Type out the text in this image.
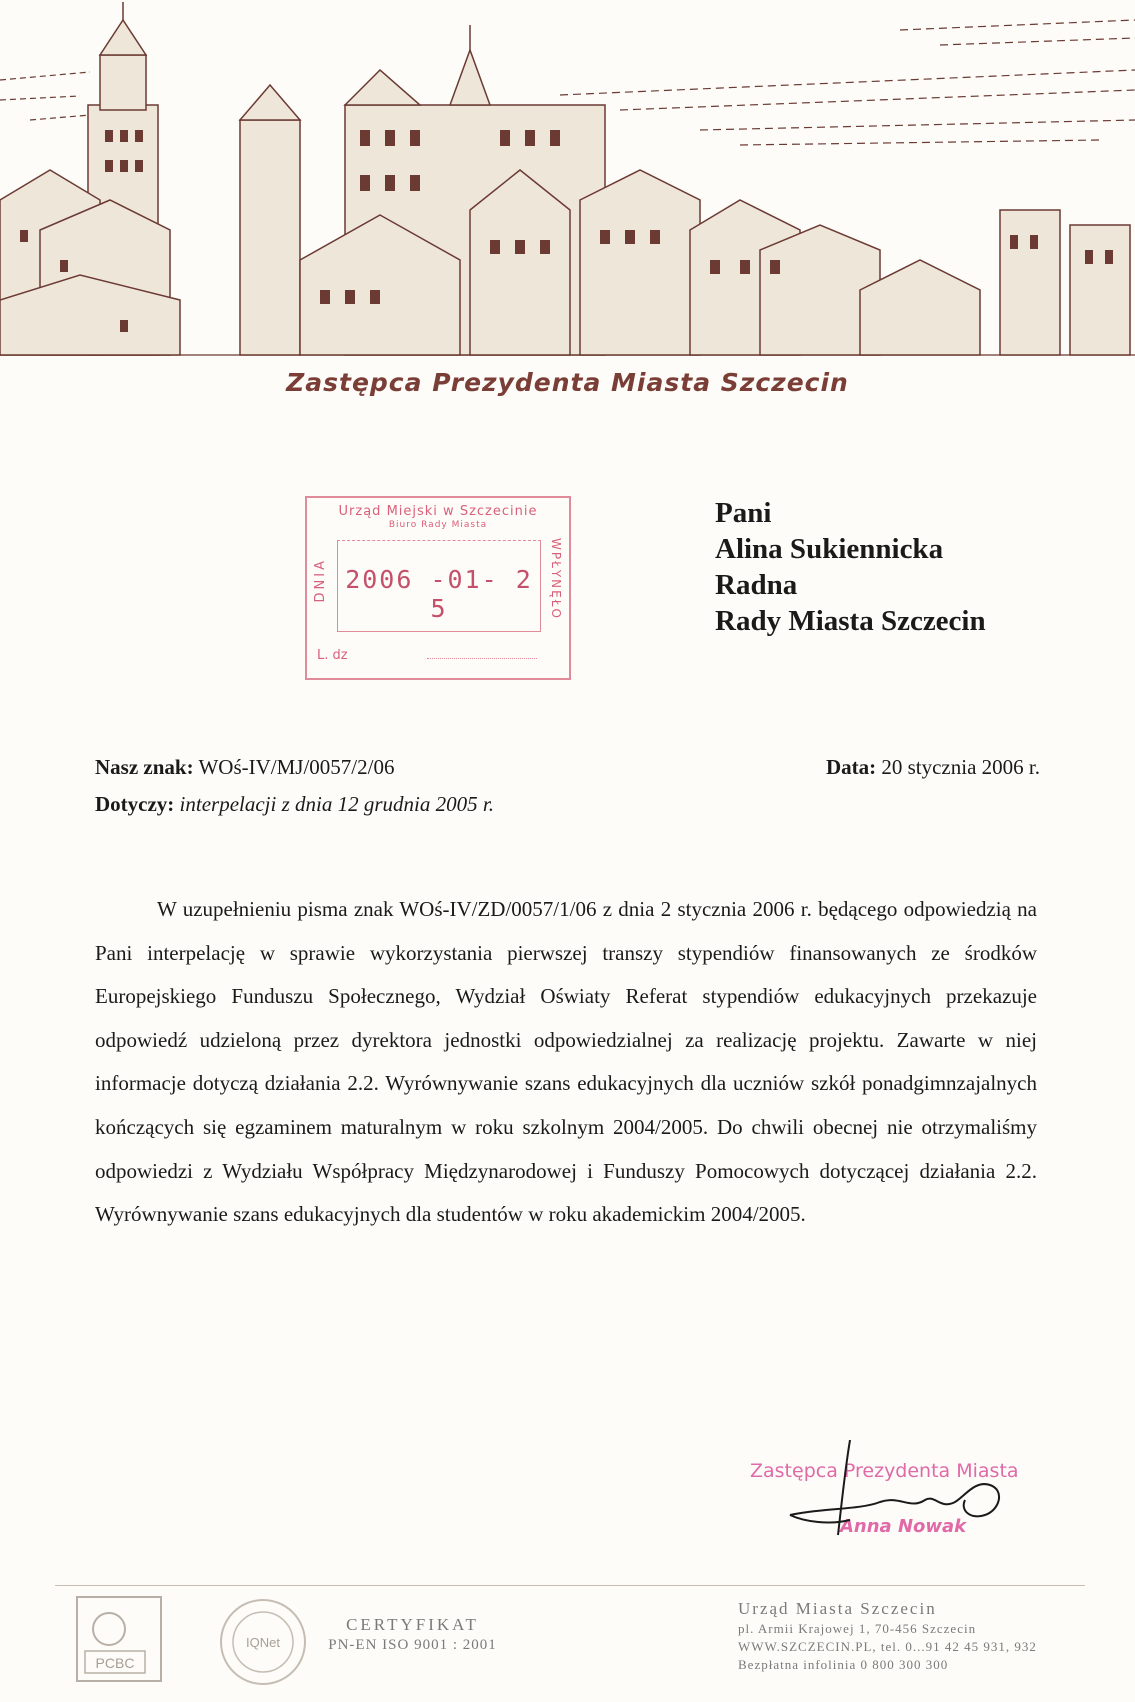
Zastępca Prezydenta Miasta Szczecin
Urząd Miejski w Szczecinie
Biuro Rady Miasta
DNIA	WPŁYNĘŁO
2006 -01- 2 5
L. dz
Pani
Alina Sukiennicka
Radna
Rady Miasta Szczecin
Nasz znak: WOś-IV/MJ/0057/2/06	Data: 20 stycznia 2006 r.
Dotyczy: interpelacji z dnia 12 grudnia 2005 r.
W uzupełnieniu pisma znak WOś-IV/ZD/0057/1/06 z dnia 2 stycznia 2006 r. będącego odpowiedzią na Pani interpelację w sprawie wykorzystania pierwszej transzy stypendiów finansowanych ze środków Europejskiego Funduszu Społecznego, Wydział Oświaty Referat stypendiów edukacyjnych przekazuje odpowiedź udzieloną przez dyrektora jednostki odpowiedzialnej za realizację projektu. Zawarte w niej informacje dotyczą działania 2.2. Wyrównywanie szans edukacyjnych dla uczniów szkół ponadgimnzajalnych kończących się egzaminem maturalnym w roku szkolnym 2004/2005. Do chwili obecnej nie otrzymaliśmy odpowiedzi z Wydziału Współpracy Międzynarodowej i Funduszy Pomocowych dotyczącej działania 2.2. Wyrównywanie szans edukacyjnych dla studentów w roku akademickim 2004/2005.
Zastępca Prezydenta Miasta
Anna Nowak
PCBC
IQNet
CERTYFIKAT
PN-EN ISO 9001 : 2001
Urząd Miasta Szczecin
pl. Armii Krajowej 1, 70-456 Szczecin
WWW.SZCZECIN.PL, tel. 0...91 42 45 931, 932
Bezpłatna infolinia 0 800 300 300
